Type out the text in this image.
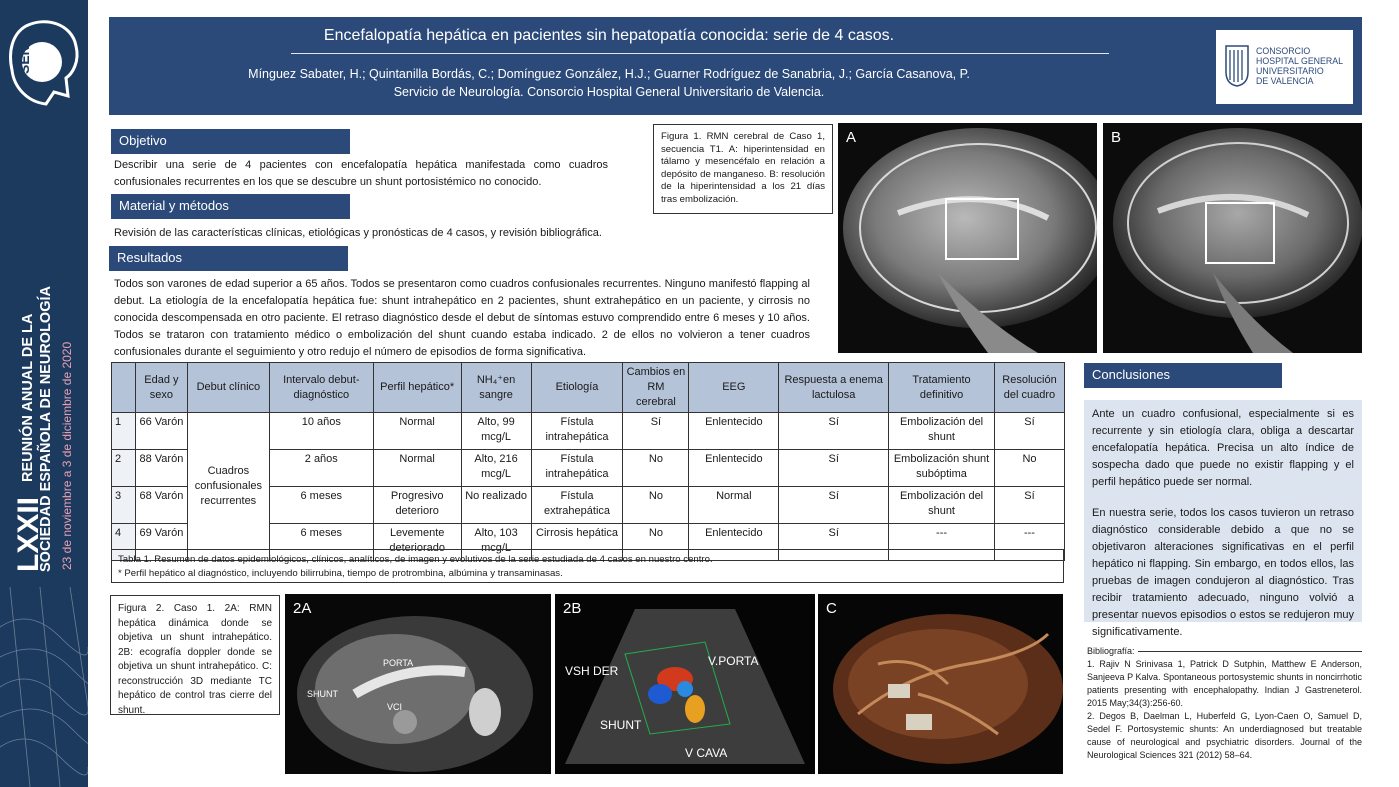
SEN
LXXII
REUNIÓN ANUAL DE LA SOCIEDAD ESPAÑOLA DE NEUROLOGÍA 23 de noviembre a 3 de diciembre de 2020
Encefalopatía hepática en pacientes sin hepatopatía conocida: serie de 4 casos.
Mínguez Sabater, H.; Quintanilla Bordás, C.; Domínguez González, H.J.; Guarner Rodríguez de Sanabria, J.; García Casanova, P.
Servicio de Neurología. Consorcio Hospital General Universitario de Valencia.
CONSORCIO
HOSPITAL GENERAL
UNIVERSITARIO
DE VALENCIA
Objetivo
Describir una serie de 4 pacientes con encefalopatía hepática manifestada como cuadros confusionales recurrentes en los que se descubre un shunt portosistémico no conocido.
Material y métodos
Revisión de las características clínicas, etiológicas y pronósticas de 4 casos, y revisión bibliográfica.
Resultados
Todos son varones de edad superior a 65 años. Todos se presentaron como cuadros confusionales recurrentes. Ninguno manifestó flapping al debut. La etiología de la encefalopatía hepática fue: shunt intrahepático en 2 pacientes, shunt extrahepático en un paciente, y cirrosis no conocida descompensada en otro paciente. El retraso diagnóstico desde el debut de síntomas estuvo comprendido entre 6 meses y 10 años. Todos se trataron con tratamiento médico o embolización del shunt cuando estaba indicado. 2 de ellos no volvieron a tener cuadros confusionales durante el seguimiento y otro redujo el número de episodios de forma significativa.
Figura 1. RMN cerebral de Caso 1, secuencia T1. A: hiperintensidad en tálamo y mesencéfalo en relación a depósito de manganeso. B: resolución de la hiperintensidad a los 21 días tras embolización.
A	B
	Edad y sexo	Debut clínico	Intervalo debut-diagnóstico	Perfil hepático*	NH₄⁺en sangre	Etiología	Cambios en RM cerebral	EEG	Respuesta a enema lactulosa	Tratamiento definitivo	Resolución del cuadro
1	66 Varón	Cuadros confusionales recurrentes	10 años	Normal	Alto, 99 mcg/L	Fístula intrahepática	Sí	Enlentecido	Sí	Embolización del shunt	Sí
2	88 Varón		2 años	Normal	Alto, 216 mcg/L	Fístula intrahepática	No	Enlentecido	Sí	Embolización shunt subóptima	No
3	68 Varón		6 meses	Progresivo deterioro	No realizado	Fístula extrahepática	No	Normal	Sí	Embolización del shunt	Sí
4	69 Varón		6 meses	Levemente deteriorado	Alto, 103 mcg/L	Cirrosis hepática	No	Enlentecido	Sí	---	---
Tabla 1. Resumen de datos epidemiológicos, clínicos, analíticos, de imagen y evolutivos de la serie estudiada de 4 casos en nuestro centro.
* Perfil hepático al diagnóstico, incluyendo bilirrubina, tiempo de protrombina, albúmina y transaminasas.
Figura 2. Caso 1. 2A: RMN hepática dinámica donde se objetiva un shunt intrahepático. 2B: ecografía doppler donde se objetiva un shunt intrahepático. C: reconstrucción 3D mediante TC hepático de control tras cierre del shunt.
2A
PORTA
SHUNT
VCI
2B
VSH DER
V.PORTA
SHUNT
V CAVA
C
Conclusiones
Ante un cuadro confusional, especialmente si es recurrente y sin etiología clara, obliga a descartar encefalopatía hepática. Precisa un alto índice de sospecha dado que puede no existir flapping y el perfil hepático puede ser normal.
En nuestra serie, todos los casos tuvieron un retraso diagnóstico considerable debido a que no se objetivaron alteraciones significativas en el perfil hepático ni flapping. Sin embargo, en todos ellos, las pruebas de imagen condujeron al diagnóstico. Tras recibir tratamiento adecuado, ninguno volvió a presentar nuevos episodios o estos se redujeron muy significativamente.
Bibliografía:
1. Rajiv N Srinivasa 1, Patrick D Sutphin, Matthew E Anderson, Sanjeeva P Kalva. Spontaneous portosystemic shunts in noncirrhotic patients presenting with encephalopathy. Indian J Gastreneterol. 2015 May;34(3):256-60.
2. Degos B, Daelman L, Huberfeld G, Lyon-Caen O, Samuel D, Sedel F. Portosystemic shunts: An underdiagnosed but treatable cause of neurological and psychiatric disorders. Journal of the Neurological Sciences 321 (2012) 58–64.
